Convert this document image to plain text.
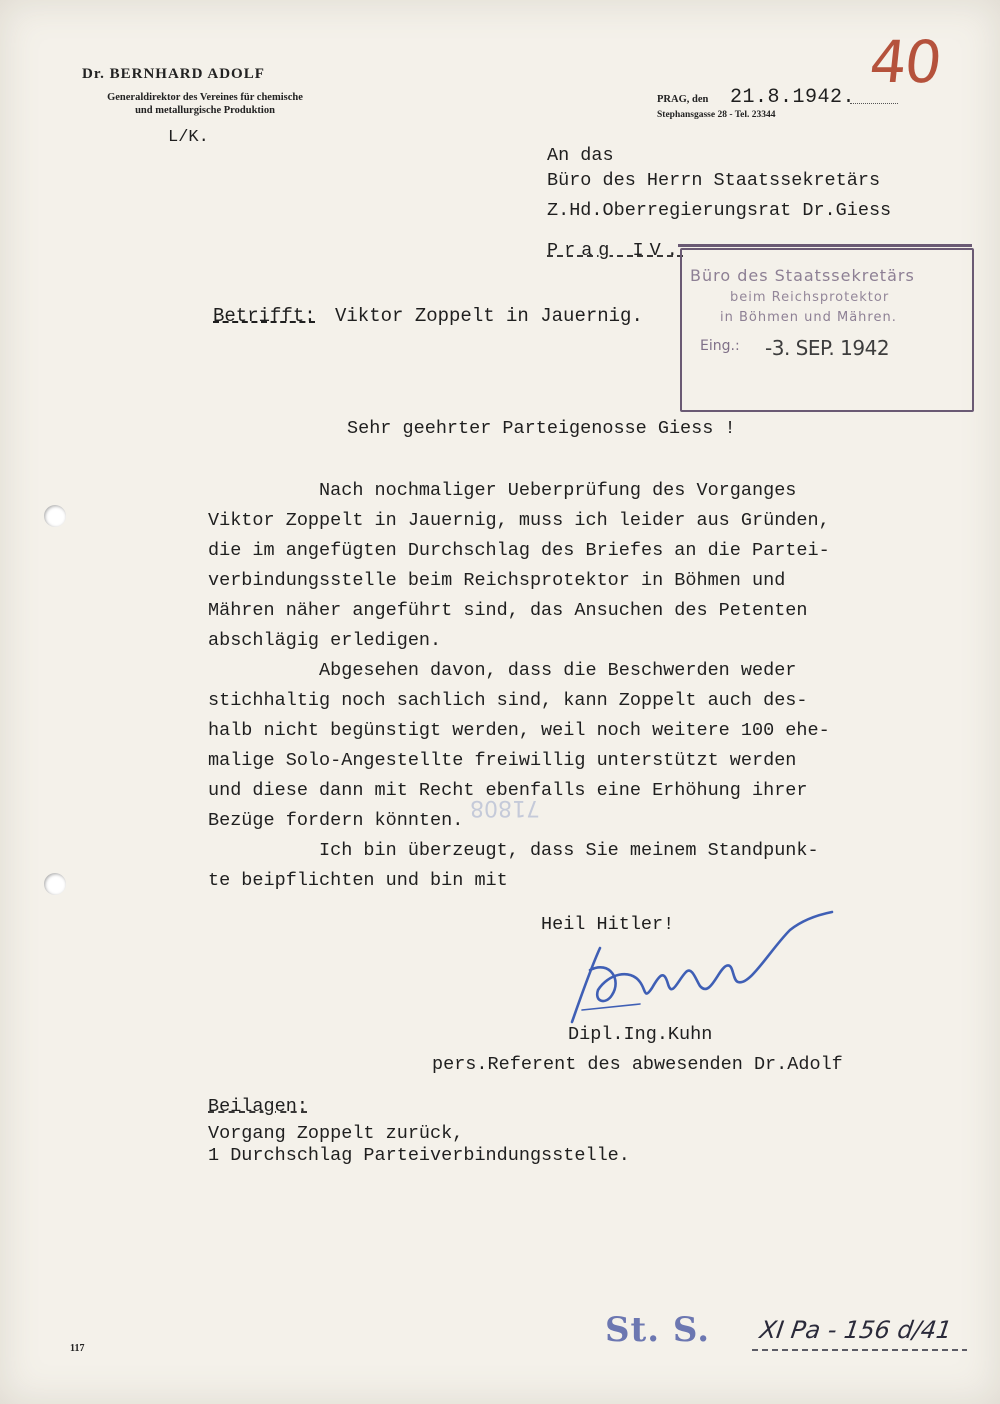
Dr. BERNHARD ADOLF
Generaldirektor des Vereines für chemische
und metallurgische Produktion
L/K.
PRAG, den 21.8.1942.
Stephansgasse 28 - Tel. 23344
40
An das
Büro des Herrn Staatssekretärs
Z.Hd.Oberregierungsrat Dr.Giess
Prag IV.
Büro des Staatssekretärs
beim Reichsprotektor
in Böhmen und Mähren.
Eing.: -3. SEP. 1942
Betrifft: Viktor Zoppelt in Jauernig.
Sehr geehrter Parteigenosse Giess !
Nach nochmaliger Ueberprüfung des Vorganges
Viktor Zoppelt in Jauernig, muss ich leider aus Gründen,
die im angefügten Durchschlag des Briefes an die Partei-
verbindungsstelle beim Reichsprotektor in Böhmen und
Mähren näher angeführt sind, das Ansuchen des Petenten
abschlägig erledigen.
Abgesehen davon, dass die Beschwerden weder
stichhaltig noch sachlich sind, kann Zoppelt auch des-
halb nicht begünstigt werden, weil noch weitere 100 ehe-
malige Solo-Angestellte freiwillig unterstützt werden
und diese dann mit Recht ebenfalls eine Erhöhung ihrer
Bezüge fordern könnten.
Ich bin überzeugt, dass Sie meinem Standpunk-
te beipflichten und bin mit
71808
Heil Hitler!
Dipl.Ing.Kuhn
pers.Referent des abwesenden Dr.Adolf
Beilagen:
Vorgang Zoppelt zurück,
1 Durchschlag Parteiverbindungsstelle.
117	St. S. XI Pa - 156 d/41
